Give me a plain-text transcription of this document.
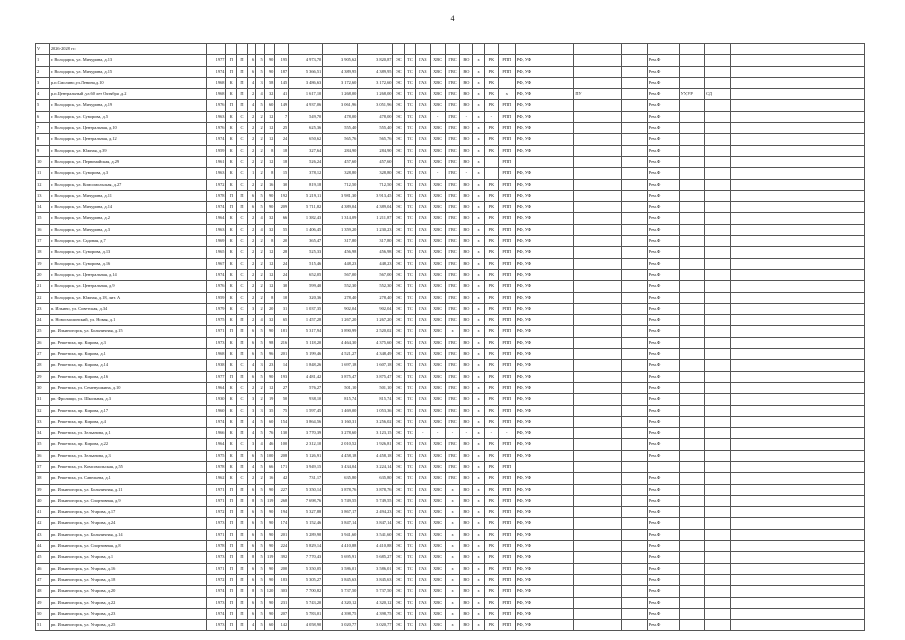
4
V	2026-2028 гг.:																										
1	г. Володарск, ул. Мичурина, д.13	1977	П	П	6	5	90	195	4 973,70	3 905,62	3 820,87	ЭС	ТС	ГАЗ	ХВС	ГВС	ВО	х	РК	РПП	РФ, УФ			Рем.Ф			
2	г. Володарск, ул. Мичурина, д.15	1974	П	П	6	5	90	187	5 366,51	4 389,95	4 389,95	ЭС	ТС	ГАЗ	ХВС	ГВС	ВО	х	РК	РПП	РФ, УФ			Рем.Ф			
3	р.п.Смолино,ул.Ленина,д.10	1968	К	П	4	3	58	145	3 486,63	3 172,60	3 172,60	ЭС	ТС	ГАЗ	ХВС	ГВС	ВО	х	РК		РФ, УФ			Рем.Ф			
4	р.п.Центральный ,ул.60 лет Октября ,д.2	1968	К	П	2	4	32	41	1 617,10	1 268,00	1 268,00	ЭС	ТС	ГАЗ	ХВС	ГВС	ВО	х	РК	х	РФ, УФ	ПУ		Рем.Ф	УУ,УР	СД	
5	г. Володарск, ул. Мичурина, д.19	1976	П	П	4	5	60	149	4 937,06	3 061,96	3 051,96	ЭС	ТС	ГАЗ	ХВС	ГВС	ВО	х	РК	РПП	РФ, УФ			Рем.Ф			
6	г. Володарск, ул. Суворова, д.5	1963	К	С	2	2	12	7	549,70	478,00	478,00	ЭС	ТС	ГАЗ	-	ГВС	-	х	-	РПП	РФ, УФ			Рем.Ф			
7	г. Володарск, ул. Центральная, д.10	1976	К	С	2	2	12	25	625,36	555,40	555,40	ЭС	ТС	ГАЗ	ХВС	ГВС	ВО	х	РК	РПП	РФ, УФ			Рем.Ф			
8	г. Володарск, ул. Центральная, д.12	1974	К	С	2	2	12	24	650,62	565,76	565,76	ЭС	ТС	ГАЗ	ХВС	ГВС	ВО	х	РК	РПП	РФ, УФ			Рем.Ф			
9	г. Володарск, ул. Южная, д.39	1959	К	С	2	2	8	18	327,64	284,90	284,90	ЭС	ТС	ГАЗ	ХВС	ГВС	ВО	х	РК	РПП	РФ, УФ			Рем.Ф			
10	г. Володарск, ул. Первомайская, д.29	1961	К	С	2	2	12	18	526,24	457,60	457,60		ТС	ГАЗ	ХВС	ГВС	ВО	х		РПП				Рем.Ф			
11	г. Володарск, ул. Суворова, д.3	1963	К	С	1	2	8	15	378,12	328,80	328,80	ЭС	ТС	ГАЗ	-	ГВС	-	х		РПП	РФ, УФ			Рем.Ф			
12	г. Володарск, ул. Комсомольская, д.27	1972	К	С	2	2	16	30	819,18	712,50	712,50	ЭС	ТС	ГАЗ	ХВС	ГВС	ВО	х	РК	РПП	РФ, УФ			Рем.Ф			
13	г. Володарск, ул. Мичурина, д.11	1978	П	П	6	5	90	192	5 219,11	3 981,30	3 913,45	ЭС	ТС	ГАЗ	ХВС	ГВС	ВО	х	РК	РПП	РФ, УФ			Рем.Ф			
14	г. Володарск, ул. Мичурина, д.14	1974	П	П	6	5	90	209	5 711,82	4 389,04	4 389,04	ЭС	ТС	ГАЗ	ХВС	ГВС	ВО	х	РК	РПП	РФ, УФ			Рем.Ф			
15	г. Володарск, ул. Мичурина, д.2	1964	К	С	2	4	32	66	1 382,43	1 314,09	1 211,87	ЭС	ТС	ГАЗ	ХВС	ГВС	ВО	х	РК	РПП	РФ, УФ			Рем.Ф			
16	г. Володарск, ул. Мичурина, д.3	1963	К	С	2	4	32	55	1 406,45	1 359,20	1 230,23	ЭС	ТС	ГАЗ	ХВС	ГВС	ВО	х	РК	РПП	РФ, УФ			Рем.Ф			
17	г. Володарск, ул. Садовая, д.7	1969	К	С	2	2	8	20	365,47	317,80	317,80	ЭС	ТС	ГАЗ	ХВС	ГВС	ВО	х	РК	РПП	РФ, УФ			Рем.Ф			
18	г. Володарск, ул. Суворова, д.13	1965	К	С	2	2	12	28	525,33	456,98	456,98	ЭС	ТС	ГАЗ	ХВС	ГВС	ВО	х	РК	РПП	РФ, УФ			Рем.Ф			
19	г. Володарск, ул. Суворова, д.16	1967	К	С	2	2	12	24	515,46	448,23	448,23	ЭС	ТС	ГАЗ	ХВС	ГВС	ВО	х	РК	РПП	РФ, УФ			Рем.Ф			
20	г. Володарск, ул. Центральная, д.14	1974	К	С	2	2	12	24	652,05	567,00	567,00	ЭС	ТС	ГАЗ	ХВС	ГВС	ВО	х	РК	РПП	РФ, УФ			Рем.Ф			
21	г. Володарск, ул. Центральная, д.9	1976	К	С	2	2	12	30	599,40	552,30	552,30	ЭС	ТС	ГАЗ	ХВС	ГВС	ВО	х	РК	РПП	РФ, УФ			Рем.Ф			
22	г. Володарск, ул. Южная, д.18, лит. А	1959	К	С	2	2	8	10	320,36	278,40	278,40	ЭС	ТС	ГАЗ	ХВС	ГВС	ВО	х	РК	РПП	РФ, УФ			Рем.Ф			
23	п. Ильино, ул. Советская, д.34	1979	К	С	3	2	20	31	1 037,35	902,04	902,04	ЭС	ТС	ГАЗ	ХВС	ГВС	ВО	х	РК	РПП	РФ, УФ			Рем.Ф			
24	п. Новосмолинский, ул. Новая, д.1	1975	К	П	2	4	32	65	1 457,28	1 267,20	1 267,20	ЭС	ТС	ГАЗ	ХВС	ГВС	ВО	х	РК	РПП	РФ, УФ			Рем.Ф			
25	рп. Ильиногорск, ул. Больничная, д.15	1971	П	П	6	5	90	181	5 317,94	3 890,99	2 520,02	ЭС	ТС	ГАЗ	ХВС	х	ВО	х	РК	РПП	РФ, УФ			Рем.Ф			
26	рп. Решетиха, пр. Кирова, д.3	1973	К	П	6	5	98	216	5 118,20	4 464,30	4 375,60	ЭС	ТС	ГАЗ	ХВС	ГВС	ВО	х	РК	РПП	РФ, УФ			Рем.Ф			
27	рп. Решетиха, пр. Кирова, д.1	1968	К	П	6	5	96	201	5 199,46	4 521,27	4 348,49	ЭС	ТС	ГАЗ	ХВС	ГВС	ВО	х	РК	РПП	РФ, УФ			Рем.Ф			
28	рп. Решетиха, пр. Кирова, д.14	1938	К	С	4	3	23	14	1 848,26	1 697,18	1 607,18	ЭС	ТС	ГАЗ	ХВС	ГВС	ВО	х	РК	РПП	РФ, УФ			Рем.Ф			
29	рп. Решетиха, пр. Кирова, д.16	1977	П	П	6	5	90	193	4 481,42	3 875,47	3 875,47	ЭС	ТС	ГАЗ	ХВС	ГВС	ВО	х	РК	РПП	РФ, УФ			Рем.Ф			
30	рп. Решетиха, ул. Семенушкина, д.10	1964	К	С	2	2	12	27	576,27	501,10	501,10	ЭС	ТС	ГАЗ	ХВС	ГВС	ВО	х	РК	РПП	РФ, УФ			Рем.Ф			
31	рп. Фролищи, ул. Школьная, д.3	1930	К	С	3	2	19	50	938,10	815,74	815,74	ЭС	ТС	ГАЗ	ХВС	ГВС	ВО	х	РК	РПП	РФ, УФ			Рем.Ф			
32	рп. Решетиха, пр. Кирова, д.17	1960	К	С	3	3	35	75	1 597,45	1 469,00	1 053,36	ЭС	ТС	ГАЗ	ХВС	ГВС	ВО	х	РК	РПП	РФ, УФ			Рем.Ф			
33	рп. Решетиха, пр. Кирова, д.4	1974	К	П	4	5	60	154	3 864,56	3 160,31	3 256,02	ЭС	ТС	ГАЗ	ХВС	ГВС	ВО	х	РК	РПП	РФ, УФ			Рем.Ф			
34	рп. Решетиха, ул. Зельанова, д.1	1966	К	П	4	5	76	130	3 770,39	3 278,60	3 123,15	ЭС	ТС	-	-	-	-	х	-	-	РФ, УФ			Рем.Ф			
35	рп. Решетиха, пр. Кирова, д.22	1964	К	С	3	4	46	100	2 312,10	2 010,52	1 926,81	ЭС	ТС	ГАЗ	ХВС	ГВС	ВО	х	РК	РПП	РФ, УФ			Рем.Ф			
36	рп. Решетиха, ул. Зельанова, д.3	1975	К	П	6	5	100	208	5 126,91	4 458,18	4 458,18	ЭС	ТС	ГАЗ	ХВС	ГВС	ВО	х	РК	РПП	РФ, УФ			Рем.Ф			
37	рп. Решетиха, ул. Комсомольская, д.55	1978	К	П	4	5	66	171	3 949,15	3 434,04	3 224,14	ЭС	ТС	ГАЗ	ХВС	ГВС	ВО	х	РК	РПП							
38	рп. Решетиха, ул. Савельева, д.1	1962	К	С	2	2	16	42	731,17	635,80	635,80	ЭС	ТС	ГАЗ	ХВС	ГВС	ВО	х	РК	РПП	РФ, УФ			Рем.Ф			
39	рп. Ильиногорск, ул. Больничная, д.11	1971	П	П	6	5	90	227	5 350,14	3 878,76	3 878,76	ЭС	ТС	ГАЗ	ХВС	х	ВО	х	РК	РПП	РФ, УФ			Рем.Ф			
40	рп. Ильиногорск, ул. Спортивная, д.9	1971	П	П	8	5	119	268	7 698,76	5 749,55	5 749,55	ЭС	ТС	ГАЗ	ХВС	х	ВО	х	РК	РПП	РФ, УФ			Рем.Ф			
41	рп. Ильиногорск, ул. Угарова, д.17	1972	П	П	6	5	90	194	5 327,88	3 867,17	2 494,23	ЭС	ТС	ГАЗ	ХВС	х	ВО	х	РК	РПП	РФ, УФ			Рем.Ф			
42	рп. Ильиногорск, ул. Угарова, д.24	1973	П	П	6	5	90	174	5 152,46	3 847,14	3 847,14	ЭС	ТС	ГАЗ	ХВС	х	ВО	х	РК	РПП	РФ, УФ			Рем.Ф			
43	рп. Ильиногорск, ул. Больничная, д.14	1971	П	П	6	5	90	201	5 289,90	3 941,60	3 541,60	ЭС	ТС	ГАЗ	ХВС	х	ВО	х	РК	РПП	РФ, УФ			Рем.Ф			
44	рп. Ильиногорск, ул. Спортивная, д.8	1978	П	П	6	5	90	224	5 829,14	4 410,88	4 410,88	ЭС	ТС	ГАЗ	ХВС	х	ВО	х	РК	РПП	РФ, УФ			Рем.Ф			
45	рп. Ильиногорск, ул. Угарова, д.1	1973	П	П	8	5	119	392	7 770,43	5 695,91	5 685,27	ЭС	ТС	ГАЗ	ХВС	х	ВО	х	РК	РПП	РФ, УФ			Рем.Ф			
46	рп. Ильиногорск, ул. Угарова, д.16	1971	П	П	6	5	90	200	5 350,05	3 586,01	3 586,01	ЭС	ТС	ГАЗ	ХВС	х	ВО	х	РК	РПП	РФ, УФ			Рем.Ф			
47	рп. Ильиногорск, ул. Угарова, д.18	1972	П	П	6	5	90	183	5 305,27	3 845,63	3 845,63	ЭС	ТС	ГАЗ	ХВС	х	ВО	х	РК	РПП	РФ, УФ			Рем.Ф			
48	рп. Ильиногорск, ул. Угарова, д.20	1974	П	П	8	5	120	303	7 700,82	5 737,50	5 737,50	ЭС	ТС	ГАЗ	ХВС	х	ВО	х	РК	РПП	РФ, УФ			Рем.Ф			
49	рп. Ильиногорск, ул. Угарова, д.22	1973	П	П	6	5	90	231	5 743,20	4 320,12	4 320,12	ЭС	ТС	ГАЗ	ХВС	х	ВО	х	РК	РПП	РФ, УФ			Рем.Ф			
50	рп. Ильиногорск, ул. Угарова, д.23	1974	П	П	6	5	90	207	5 783,01	4 398,75	4 398,75	ЭС	ТС	ГАЗ	ХВС	х	ВО	х	РК	РПП	РФ, УФ			Рем.Ф			
51	рп. Ильиногорск, ул. Угарова, д.25	1973	П	П	4	5	60	142	4 058,90	3 020,77	3 020,77	ЭС	ТС	ГАЗ	ХВС	х	ВО	х	РК	РПП	РФ, УФ			Рем.Ф			
